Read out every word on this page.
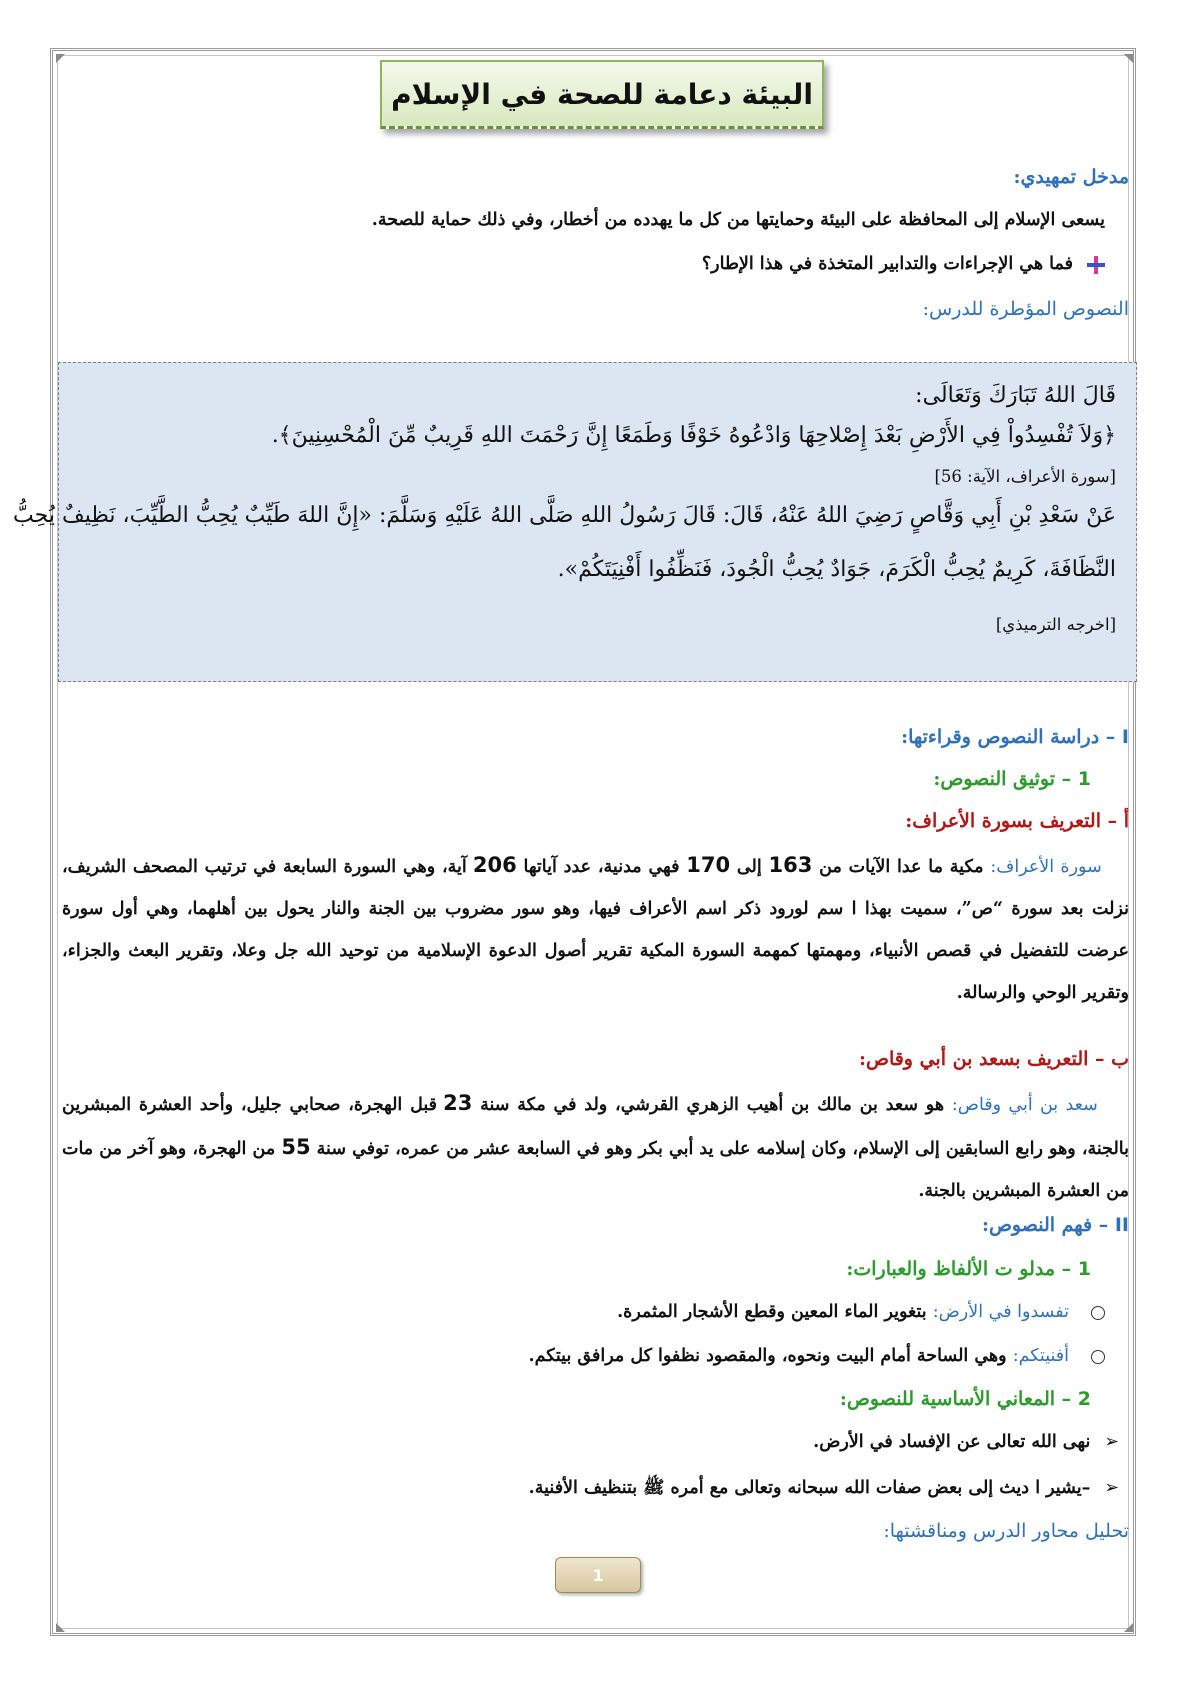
البيئة دعامة للصحة في الإسلام
مدخل تمهيدي:
يسعى الإسلام إلى المحافظة على البيئة وحمايتها من كل ما يهدده من أخطار، وفي ذلك حماية للصحة.
فما هي الإجراءات والتدابير المتخذة في هذا الإطار؟
النصوص المؤطرة للدرس:
قَالَ اللهُ تَبَارَكَ وَتَعَالَى:
﴿وَلاَ تُفْسِدُواْ فِي الأَرْضِ بَعْدَ إِصْلاحِهَا وَادْعُوهُ خَوْفًا وَطَمَعًا إِنَّ رَحْمَتَ اللهِ قَرِيبٌ مِّنَ الْمُحْسِنِينَ﴾.
[سورة الأعراف، الآية: 56]
عَنْ سَعْدِ بْنِ أَبِي وَقَّاصٍ رَضِيَ اللهُ عَنْهُ، قَالَ: قَالَ رَسُولُ اللهِ صَلَّى اللهُ عَلَيْهِ وَسَلَّمَ: «إِنَّ اللهَ طَيِّبٌ يُحِبُّ الطَّيِّبَ، نَظِيفٌ يُحِبُّ
النَّظَافَةَ، كَرِيمٌ يُحِبُّ الْكَرَمَ، جَوَادٌ يُحِبُّ الْجُودَ، فَنَظِّفُوا أَفْنِيَتَكُمْ».
[اخرجه الترميذي]
I – دراسة النصوص وقراءتها:
1 – توثيق النصوص:
أ – التعريف بسورة الأعراف:
سورة الأعراف: مكية ما عدا الآيات من 163 إلى 170 فهي مدنية، عدد آياتها 206 آية، وهي السورة السابعة في ترتيب المصحف الشريف، نزلت بعد سورة “ص”، سميت بهذا ا سم لورود ذكر اسم الأعراف فيها، وهو سور مضروب بين الجنة والنار يحول بين أهلهما، وهي أول سورة عرضت للتفضيل في قصص الأنبياء، ومهمتها كمهمة السورة المكية تقرير أصول الدعوة الإسلامية من توحيد الله جل وعلا، وتقرير البعث والجزاء، وتقرير الوحي والرسالة.
ب – التعريف بسعد بن أبي وقاص:
سعد بن أبي وقاص: هو سعد بن مالك بن أهيب الزهري القرشي، ولد في مكة سنة 23 قبل الهجرة، صحابي جليل، وأحد العشرة المبشرين بالجنة، وهو رابع السابقين إلى الإسلام، وكان إسلامه على يد أبي بكر وهو في السابعة عشر من عمره، توفي سنة 55 من الهجرة، وهو آخر من مات من العشرة المبشرين بالجنة.
II – فهم النصوص:
1 – مدلو ت الألفاظ والعبارات:
تفسدوا في الأرض: بتغوير الماء المعين وقطع الأشجار المثمرة.
أفنيتكم: وهي الساحة أمام البيت ونحوه، والمقصود نظفوا كل مرافق بيتكم.
2 – المعاني الأساسية للنصوص:
➢نهى الله تعالى عن الإفساد في الأرض.
➢–يشير ا ديث إلى بعض صفات الله سبحانه وتعالى مع أمره ﷺ بتنظيف الأفنية.
تحليل محاور الدرس ومناقشتها:
1
